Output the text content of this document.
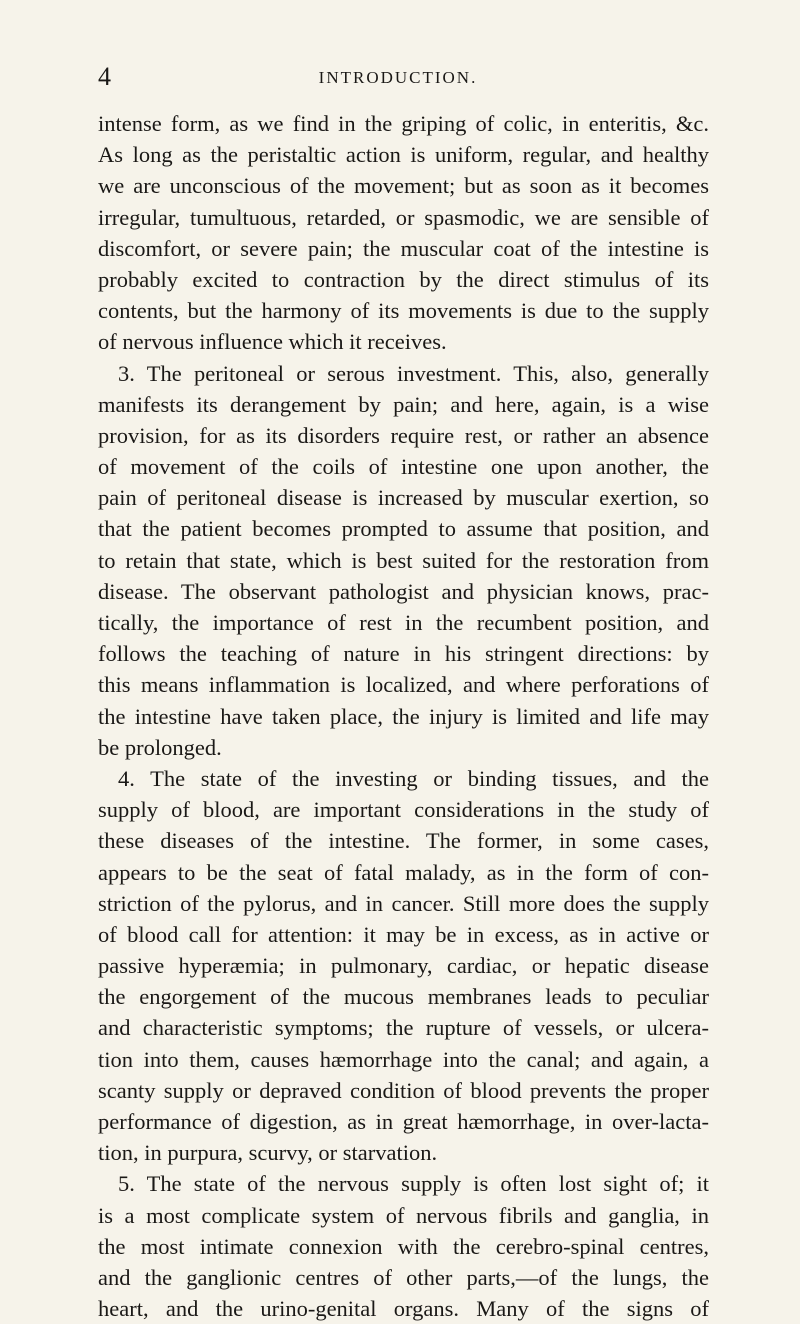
4	INTRODUCTION.
intense form, as we find in the griping of colic, in enteritis, &c.
As long as the peristaltic action is uniform, regular, and healthy
we are unconscious of the movement; but as soon as it becomes
irregular, tumultuous, retarded, or spasmodic, we are sensible of
discomfort, or severe pain; the muscular coat of the intestine is
probably excited to contraction by the direct stimulus of its
contents, but the harmony of its movements is due to the supply
of nervous influence which it receives.
3. The peritoneal or serous investment. This, also, generally
manifests its derangement by pain; and here, again, is a wise
provision, for as its disorders require rest, or rather an absence
of movement of the coils of intestine one upon another, the
pain of peritoneal disease is increased by muscular exertion, so
that the patient becomes prompted to assume that position, and
to retain that state, which is best suited for the restoration from
disease. The observant pathologist and physician knows, prac-
tically, the importance of rest in the recumbent position, and
follows the teaching of nature in his stringent directions: by
this means inflammation is localized, and where perforations of
the intestine have taken place, the injury is limited and life may
be prolonged.
4. The state of the investing or binding tissues, and the
supply of blood, are important considerations in the study of
these diseases of the intestine. The former, in some cases,
appears to be the seat of fatal malady, as in the form of con-
striction of the pylorus, and in cancer. Still more does the supply
of blood call for attention: it may be in excess, as in active or
passive hyperæmia; in pulmonary, cardiac, or hepatic disease
the engorgement of the mucous membranes leads to peculiar
and characteristic symptoms; the rupture of vessels, or ulcera-
tion into them, causes hæmorrhage into the canal; and again, a
scanty supply or depraved condition of blood prevents the proper
performance of digestion, as in great hæmorrhage, in over-lacta-
tion, in purpura, scurvy, or starvation.
5. The state of the nervous supply is often lost sight of; it
is a most complicate system of nervous fibrils and ganglia, in
the most intimate connexion with the cerebro-spinal centres,
and the ganglionic centres of other parts,—of the lungs, the
heart, and the urino-genital organs. Many of the signs of
